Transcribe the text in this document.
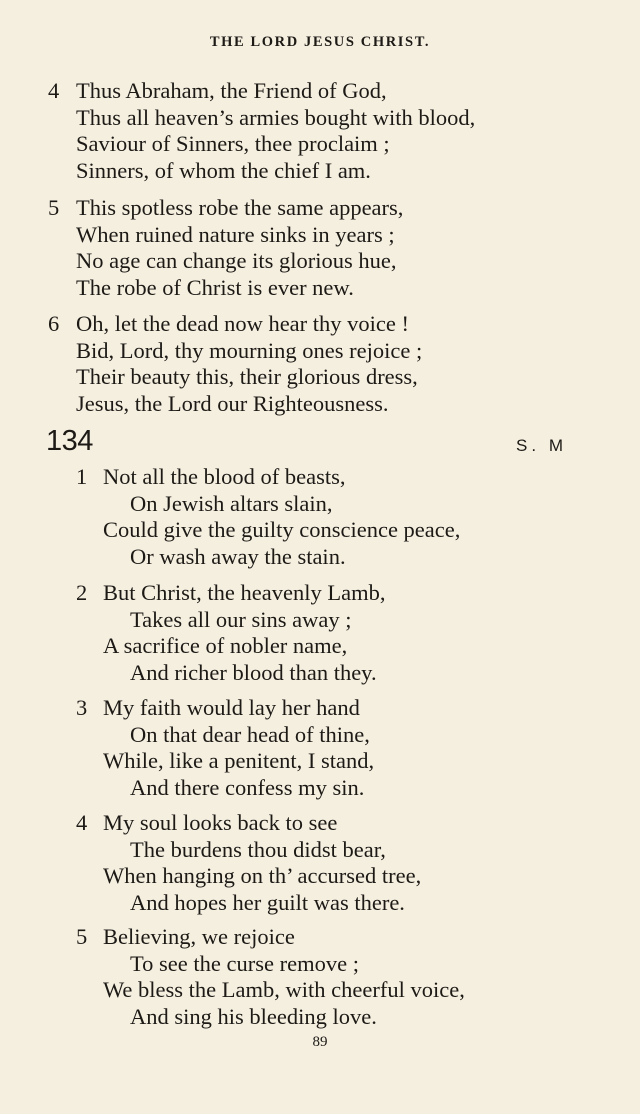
THE LORD JESUS CHRIST.
4 Thus Abraham, the Friend of God,
Thus all heaven’s armies bought with blood,
Saviour of Sinners, thee proclaim ;
Sinners, of whom the chief I am.
5 This spotless robe the same appears,
When ruined nature sinks in years ;
No age can change its glorious hue,
The robe of Christ is ever new.
6 Oh, let the dead now hear thy voice !
Bid, Lord, thy mourning ones rejoice ;
Their beauty this, their glorious dress,
Jesus, the Lord our Righteousness.
134	S. M
1 Not all the blood of beasts,
On Jewish altars slain,
Could give the guilty conscience peace,
Or wash away the stain.
2 But Christ, the heavenly Lamb,
Takes all our sins away ;
A sacrifice of nobler name,
And richer blood than they.
3 My faith would lay her hand
On that dear head of thine,
While, like a penitent, I stand,
And there confess my sin.
4 My soul looks back to see
The burdens thou didst bear,
When hanging on th’ accursed tree,
And hopes her guilt was there.
5 Believing, we rejoice
To see the curse remove ;
We bless the Lamb, with cheerful voice,
And sing his bleeding love.
89
